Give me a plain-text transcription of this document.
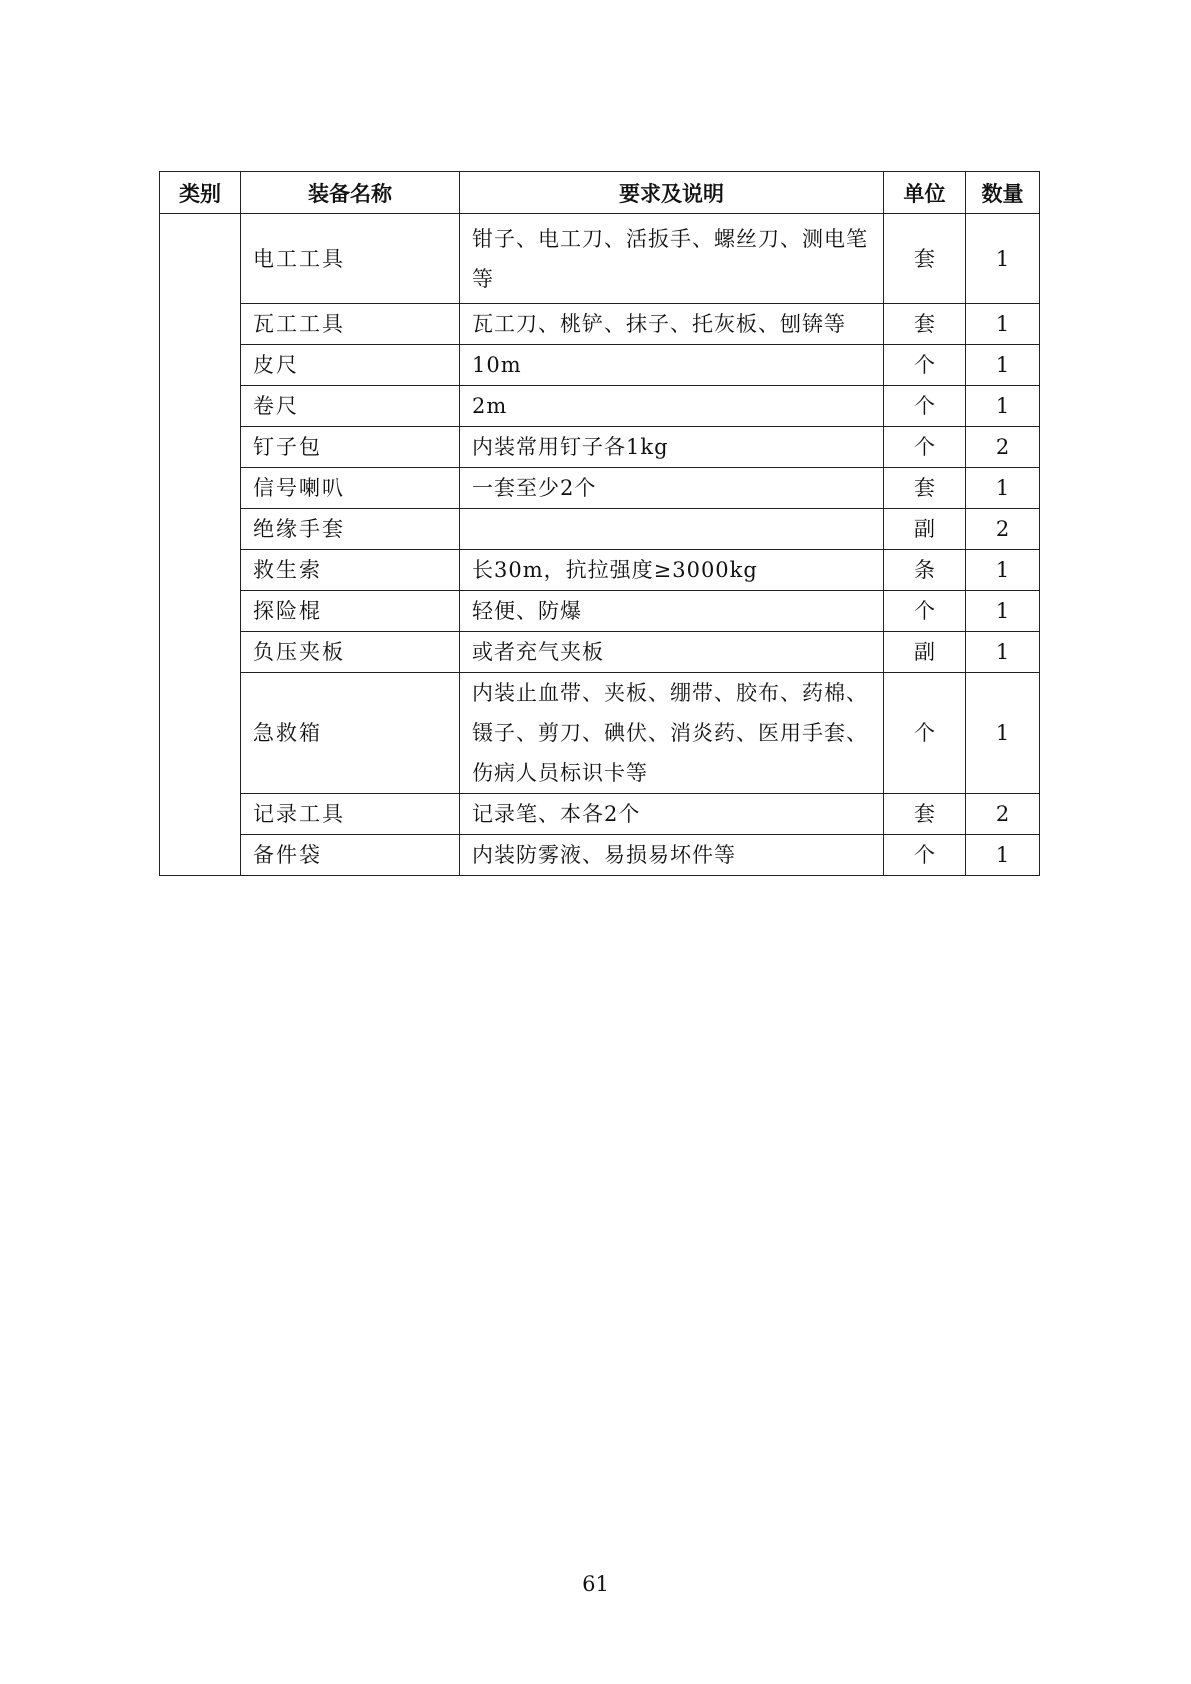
类别	装备名称	要求及说明	单位	数量
	电工工具	钳子、电工刀、活扳手、螺丝刀、测电笔等	套	1
	瓦工工具	瓦工刀、桃铲、抹子、托灰板、刨锛等	套	1
	皮尺	10m	个	1
	卷尺	2m	个	1
	钉子包	内装常用钉子各1kg	个	2
	信号喇叭	一套至少2个	套	1
	绝缘手套		副	2
	救生索	长30m，抗拉强度≥3000kg	条	1
	探险棍	轻便、防爆	个	1
	负压夹板	或者充气夹板	副	1
	急救箱	内装止血带、夹板、绷带、胶布、药棉、镊子、剪刀、碘伏、消炎药、医用手套、伤病人员标识卡等	个	1
	记录工具	记录笔、本各2个	套	2
	备件袋	内装防雾液、易损易坏件等	个	1
61
